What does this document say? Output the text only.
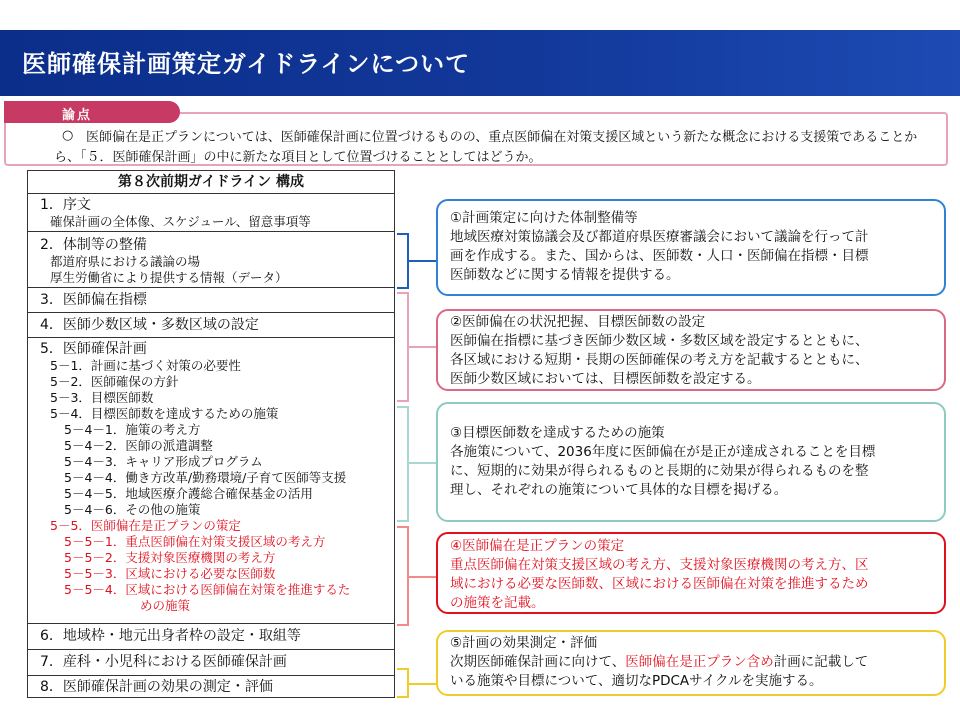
医師確保計画策定ガイドラインについて
論点
○ 医師偏在是正プランについては、医師確保計画に位置づけるものの、重点医師偏在対策支援区域という新たな概念における支援策であることから、「５．医師確保計画」の中に新たな項目として位置づけることとしてはどうか。
第８次前期ガイドライン 構成
1．序文
確保計画の全体像、スケジュール、留意事項等
2．体制等の整備
都道府県における議論の場
厚生労働省により提供する情報（データ）
3．医師偏在指標
4．医師少数区域・多数区域の設定
5．医師確保計画
5－1．計画に基づく対策の必要性
5－2．医師確保の方針
5－3．目標医師数
5－4．目標医師数を達成するための施策
5－4－1．施策の考え方
5－4－2．医師の派遣調整
5－4－3．キャリア形成プログラム
5－4－4．働き方改革/勤務環境/子育て医師等支援
5－4－5．地域医療介護総合確保基金の活用
5－4－6．その他の施策
5－5．医師偏在是正プランの策定
5－5－1．重点医師偏在対策支援区域の考え方
5－5－2．支援対象医療機関の考え方
5－5－3．区域における必要な医師数
5－5－4．区域における医師偏在対策を推進するた
めの施策
6．地域枠・地元出身者枠の設定・取組等
7．産科・小児科における医師確保計画
8．医師確保計画の効果の測定・評価
①計画策定に向けた体制整備等
地域医療対策協議会及び都道府県医療審議会において議論を行って計
画を作成する。また、国からは、医師数・人口・医師偏在指標・目標
医師数などに関する情報を提供する。
②医師偏在の状況把握、目標医師数の設定
医師偏在指標に基づき医師少数区域・多数区域を設定するとともに、
各区域における短期・長期の医師確保の考え方を記載するとともに、
医師少数区域においては、目標医師数を設定する。
③目標医師数を達成するための施策
各施策について、2036年度に医師偏在が是正が達成されることを目標
に、短期的に効果が得られるものと長期的に効果が得られるものを整
理し、それぞれの施策について具体的な目標を掲げる。
④医師偏在是正プランの策定
重点医師偏在対策支援区域の考え方、支援対象医療機関の考え方、区
域における必要な医師数、区域における医師偏在対策を推進するため
の施策を記載。
⑤計画の効果測定・評価
次期医師確保計画に向けて、医師偏在是正プラン含め計画に記載して
いる施策や目標について、適切なPDCAサイクルを実施する。
